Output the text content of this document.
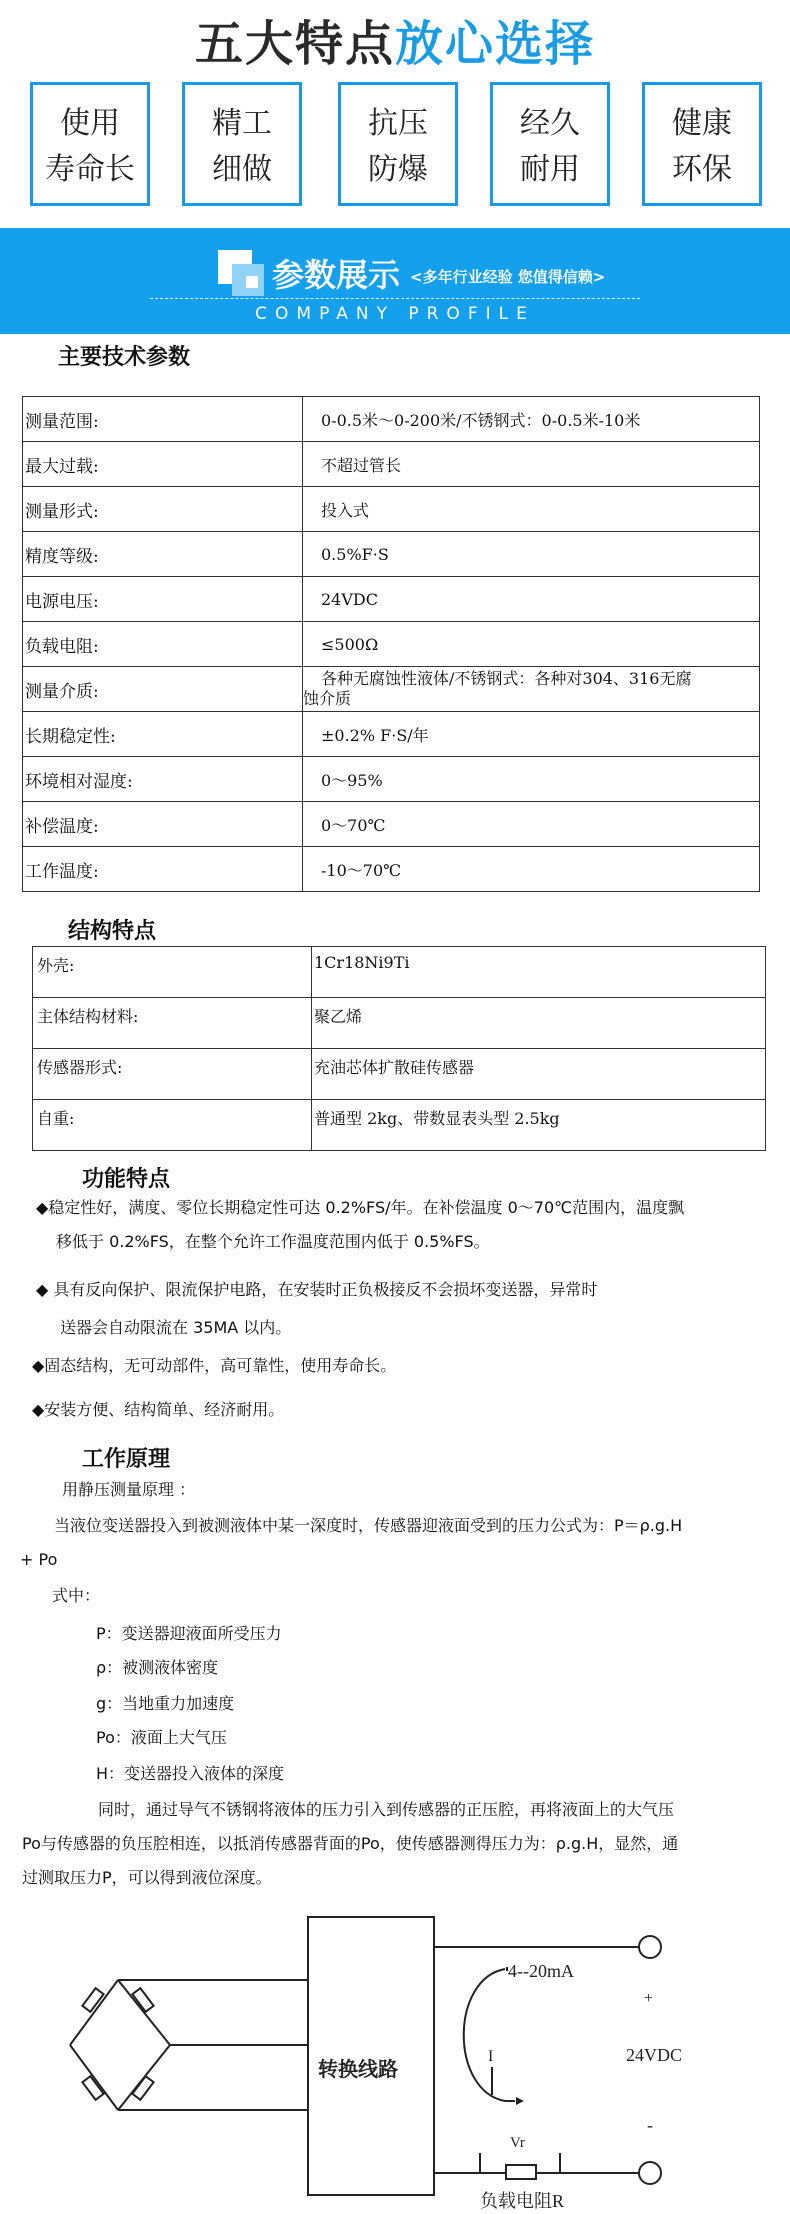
五大特点放心选择
使用
寿命长
精工
细做
抗压
防爆
经久
耐用
健康
环保
参数展示 <多年行业经验 您值得信赖>
COMPANY PROFILE
主要技术参数
测量范围:	0-0.5米～0-200米/不锈钢式：0-0.5米-10米
最大过载:	不超过管长
测量形式:	投入式
精度等级:	0.5%F·S
电源电压:	24VDC
负载电阻:	≤500Ω
测量介质:	各种无腐蚀性液体/不锈钢式：各种对304、316无腐
蚀介质

长期稳定性:	±0.2% F·S/年
环境相对湿度:	0～95%
补偿温度:	0～70℃
工作温度:	-10～70℃
结构特点
外壳:	1Cr18Ni9Ti
主体结构材料:	聚乙烯
传感器形式:	充油芯体扩散硅传感器
自重:	普通型 2kg、带数显表头型 2.5kg
功能特点
◆稳定性好，满度、零位长期稳定性可达 0.2%FS/年。在补偿温度 0～70℃范围内，温度飘
移低于 0.2%FS，在整个允许工作温度范围内低于 0.5%FS。
◆ 具有反向保护、限流保护电路，在安装时正负极接反不会损坏变送器，异常时
送器会自动限流在 35MA 以内。
◆固态结构，无可动部件，高可靠性，使用寿命长。
◆安装方便、结构简单、经济耐用。
工作原理
用静压测量原理 ：
当液位变送器投入到被测液体中某一深度时，传感器迎液面受到的压力公式为：P＝ρ.g.H
+ Po
式中：
P：变送器迎液面所受压力
ρ：被测液体密度
g：当地重力加速度
Po：液面上大气压
H：变送器投入液体的深度
同时，通过导气不锈钢将液体的压力引入到传感器的正压腔，再将液面上的大气压
Po与传感器的负压腔相连，以抵消传感器背面的Po，使传感器测得压力为：ρ.g.H，显然，通
过测取压力P，可以得到液位深度。
转换线路
+
-
4--20mA
I	24VDC
Vr
负载电阻R
